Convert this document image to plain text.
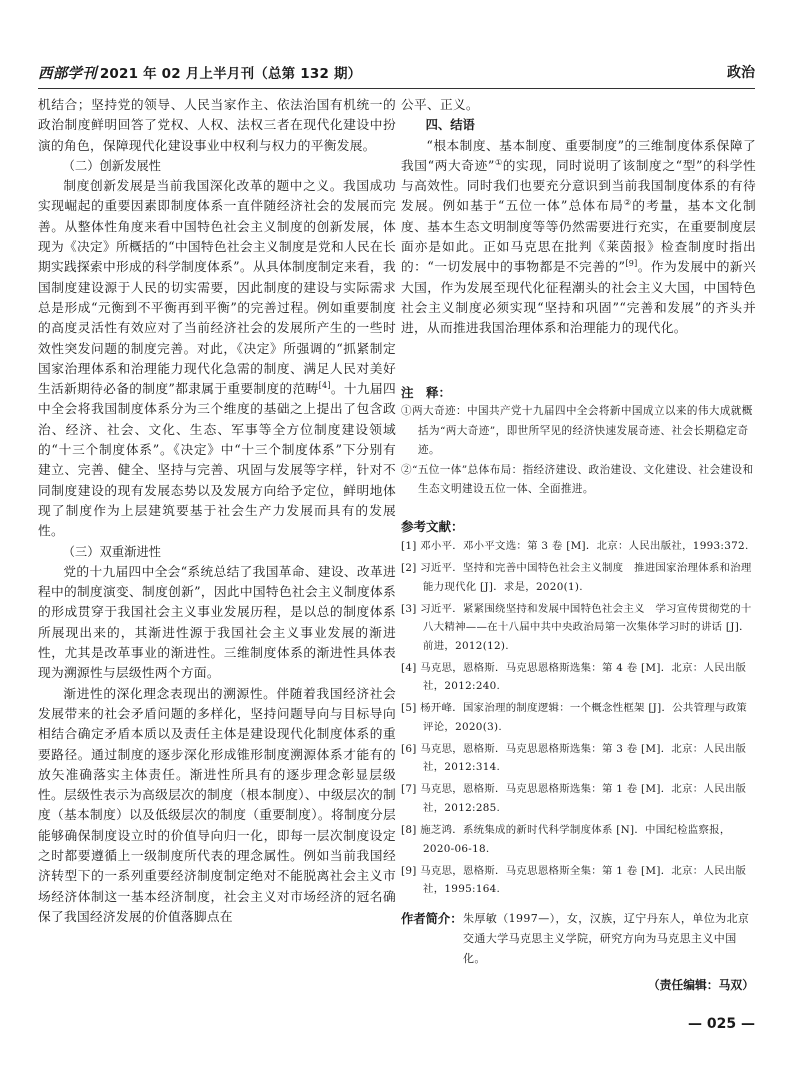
西部学刊 2021 年 02 月上半月刊（总第 132 期）	政治

机结合；坚持党的领导、人民当家作主、依法治国有机统一的政治制度鲜明回答了党权、人权、法权三者在现代化建设中扮演的角色，保障现代化建设事业中权利与权力的平衡发展。

（二）创新发展性

制度创新发展是当前我国深化改革的题中之义。我国成功实现崛起的重要因素即制度体系一直伴随经济社会的发展而完善。从整体性角度来看中国特色社会主义制度的创新发展，体现为《决定》所概括的“中国特色社会主义制度是党和人民在长期实践探索中形成的科学制度体系”。从具体制度制定来看，我国制度建设源于人民的切实需要，因此制度的建设与实际需求总是形成“元衡到不平衡再到平衡”的完善过程。例如重要制度的高度灵活性有效应对了当前经济社会的发展所产生的一些时效性突发问题的制度完善。对此，《决定》所强调的“抓紧制定国家治理体系和治理能力现代化急需的制度、满足人民对美好生活新期待必备的制度”都隶属于重要制度的范畴[4]。十九届四中全会将我国制度体系分为三个维度的基础之上提出了包含政治、经济、社会、文化、生态、军事等全方位制度建设领域的“十三个制度体系”。《决定》中“十三个制度体系”下分别有建立、完善、健全、坚持与完善、巩固与发展等字样，针对不同制度建设的现有发展态势以及发展方向给予定位，鲜明地体现了制度作为上层建筑要基于社会生产力发展而具有的发展性。

（三）双重渐进性

党的十九届四中全会“系统总结了我国革命、建设、改革进程中的制度演变、制度创新”，因此中国特色社会主义制度体系的形成贯穿于我国社会主义事业发展历程，是以总的制度体系所展现出来的，其渐进性源于我国社会主义事业发展的渐进性，尤其是改革事业的渐进性。三维制度体系的渐进性具体表现为溯源性与层级性两个方面。

渐进性的深化理念表现出的溯源性。伴随着我国经济社会发展带来的社会矛盾问题的多样化，坚持问题导向与目标导向相结合确定矛盾本质以及责任主体是建设现代化制度体系的重要路径。通过制度的逐步深化形成锥形制度溯源体系才能有的放矢准确落实主体责任。渐进性所具有的逐步理念彰显层级性。层级性表示为高级层次的制度（根本制度）、中级层次的制度（基本制度）以及低级层次的制度（重要制度）。将制度分层能够确保制度设立时的价值导向归一化，即每一层次制度设定之时都要遵循上一级制度所代表的理念属性。例如当前我国经济转型下的一系列重要经济制度制定绝对不能脱离社会主义市场经济体制这一基本经济制度，社会主义对市场经济的冠名确保了我国经济发展的价值落脚点在

公平、正义。

四、结语

“根本制度、基本制度、重要制度”的三维制度体系保障了我国“两大奇迹”①的实现，同时说明了该制度之“型”的科学性与高效性。同时我们也要充分意识到当前我国制度体系的有待发展。例如基于“五位一体”总体布局②的考量，基本文化制度、基本生态文明制度等等仍然需要进行充实，在重要制度层面亦是如此。正如马克思在批判《莱茵报》检查制度时指出的：“一切发展中的事物都是不完善的”[9]。作为发展中的新兴大国，作为发展至现代化征程潮头的社会主义大国，中国特色社会主义制度必须实现“坚持和巩固”“完善和发展”的齐头并进，从而推进我国治理体系和治理能力的现代化。

注　释：

①两大奇迹：中国共产党十九届四中全会将新中国成立以来的伟大成就概括为“两大奇迹”，即世所罕见的经济快速发展奇迹、社会长期稳定奇迹。

②“五位一体”总体布局：指经济建设、政治建设、文化建设、社会建设和生态文明建设五位一体、全面推进。

参考文献：

[1] 邓小平．邓小平文选：第 3 卷 [M]．北京：人民出版社，1993:372.

[2] 习近平．坚持和完善中国特色社会主义制度　推进国家治理体系和治理能力现代化 [J]．求是，2020(1).

[3] 习近平．紧紧围绕坚持和发展中国特色社会主义　学习宣传贯彻党的十八大精神——在十八届中共中央政治局第一次集体学习时的讲话 [J]．前进，2012(12).

[4] 马克思，恩格斯．马克思恩格斯选集：第 4 卷 [M]．北京：人民出版社，2012:240.

[5] 杨开峰．国家治理的制度逻辑：一个概念性框架 [J]．公共管理与政策评论，2020(3).

[6] 马克思，恩格斯．马克思恩格斯选集：第 3 卷 [M]．北京：人民出版社，2012:314.

[7] 马克思，恩格斯．马克思恩格斯选集：第 1 卷 [M]．北京：人民出版社，2012:285.

[8] 施芝鸿．系统集成的新时代科学制度体系 [N]．中国纪检监察报，2020-06-18.

[9] 马克思，恩格斯．马克思恩格斯全集：第 1 卷 [M]．北京：人民出版社，1995:164.

作者简介： 朱厚敏（1997—），女，汉族，辽宁丹东人，单位为北京交通大学马克思主义学院，研究方向为马克思主义中国化。
（责任编辑：马双）
— 025 —
